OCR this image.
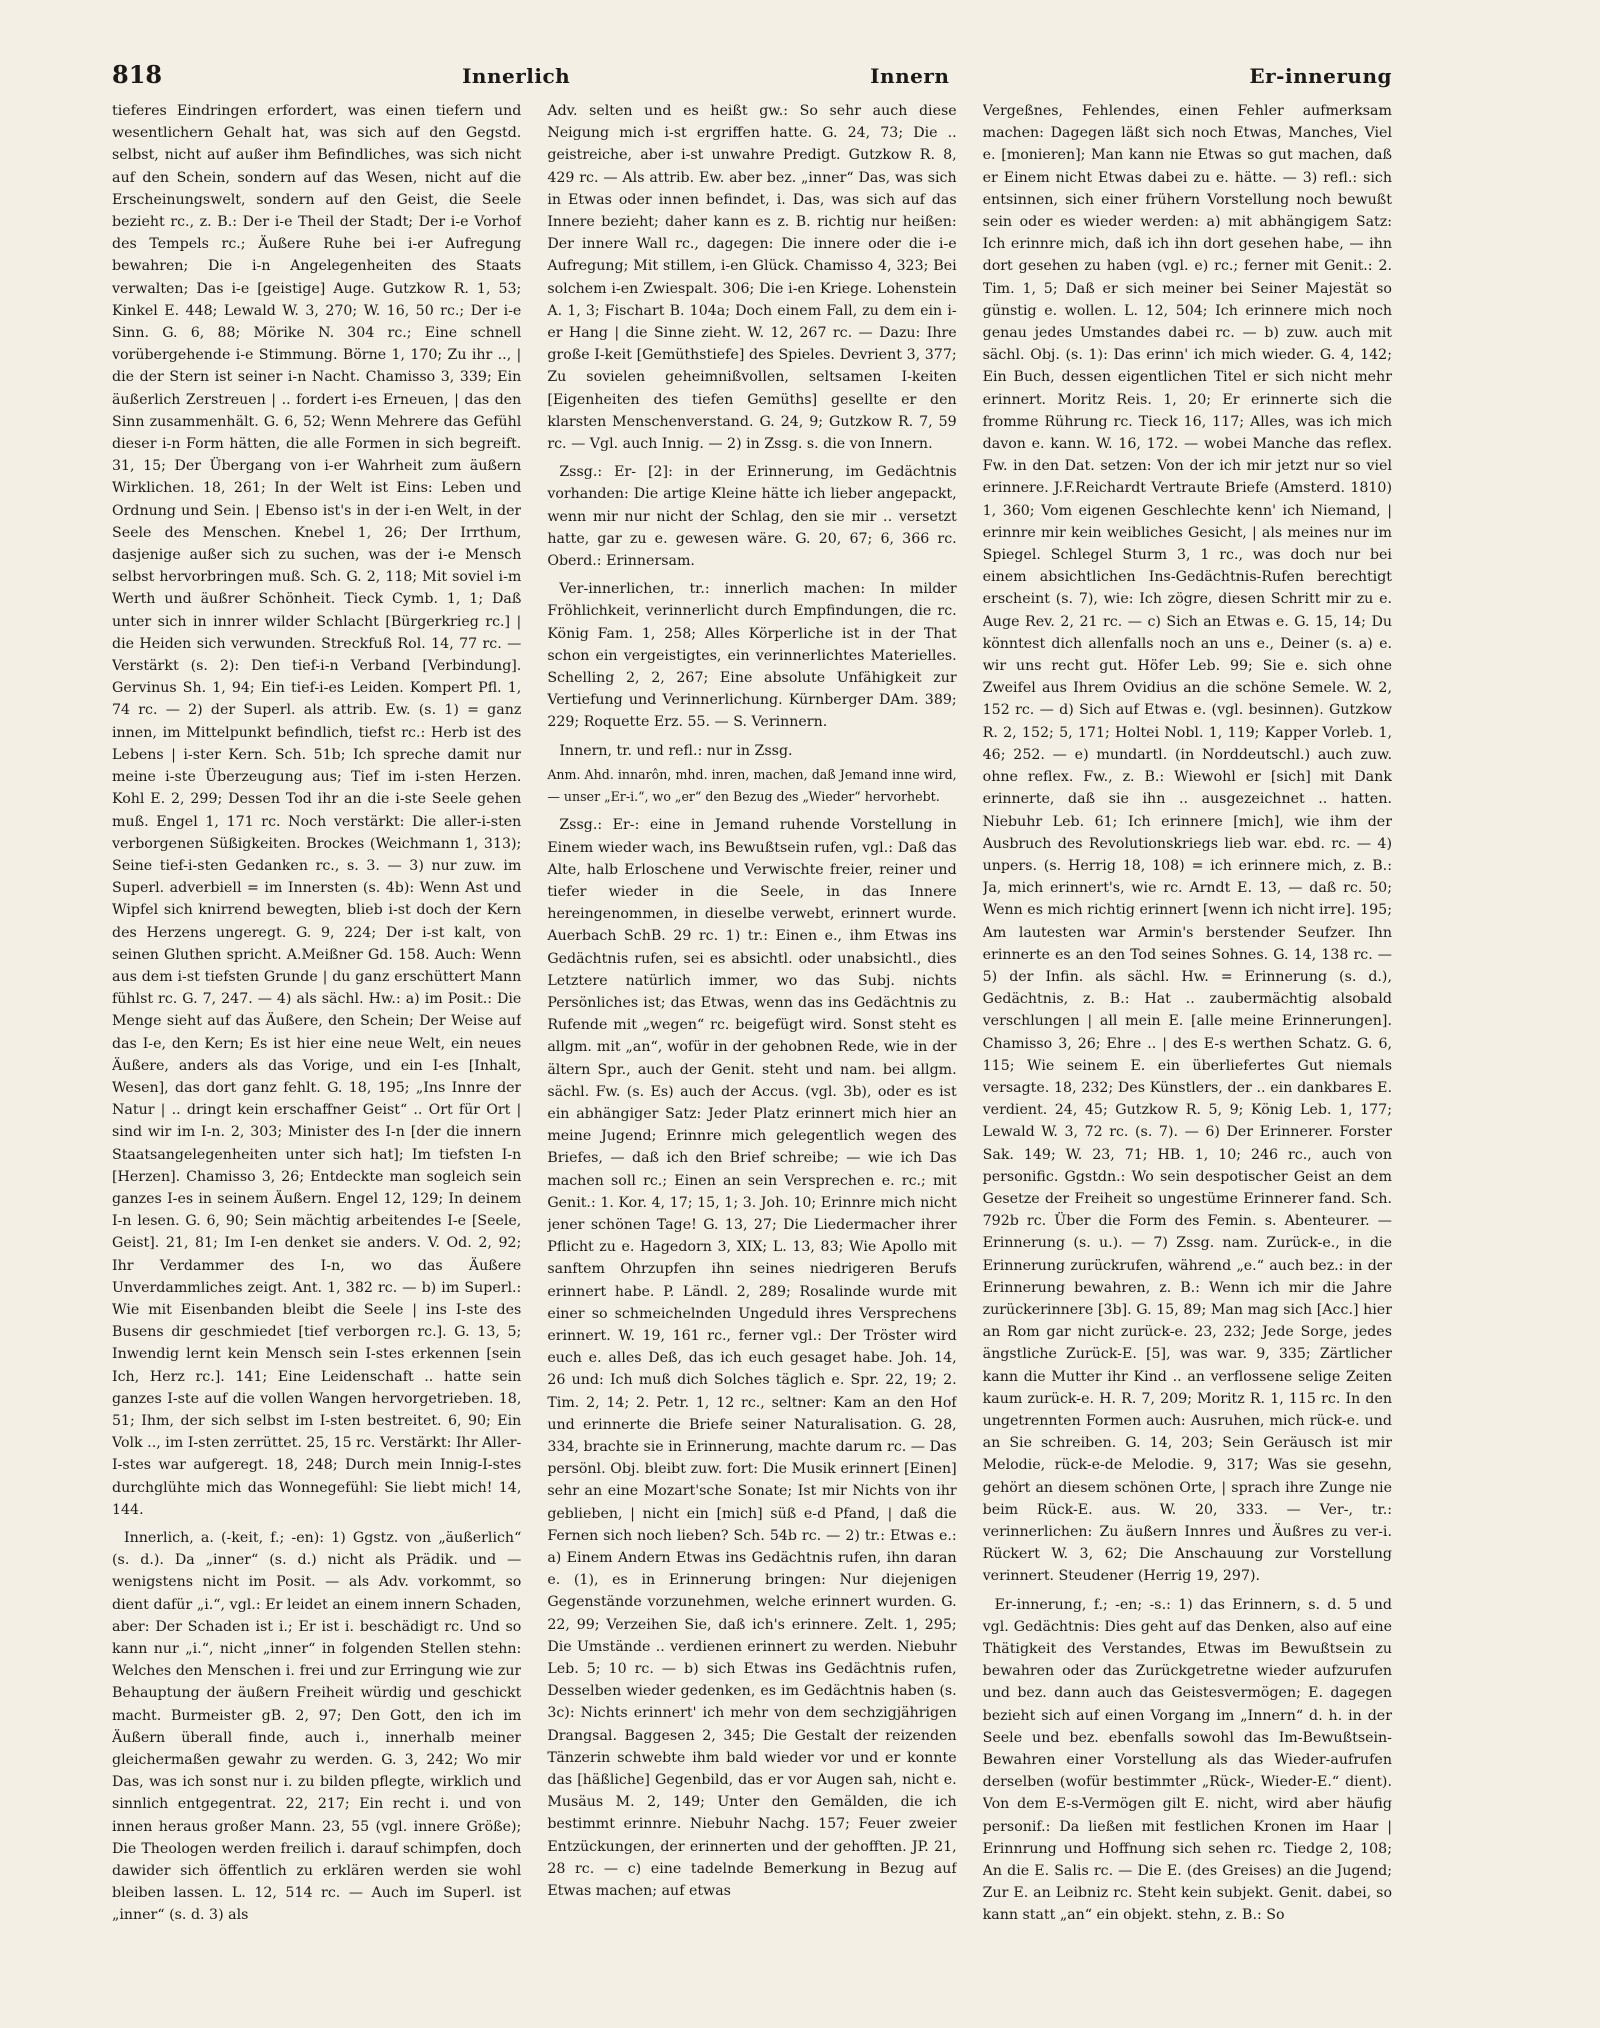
818	Innerlich	Innern	Er-innerung

tieferes Eindringen erfordert, was einen tiefern und wesentlichern Gehalt hat, was sich auf den Gegstd. selbst, nicht auf außer ihm Befindliches, was sich nicht auf den Schein, sondern auf das Wesen, nicht auf die Erscheinungswelt, sondern auf den Geist, die Seele bezieht rc., z. B.: Der i-e Theil der Stadt; Der i-e Vorhof des Tempels rc.; Äußere Ruhe bei i-er Aufregung bewahren; Die i-n Angelegenheiten des Staats verwalten; Das i-e [geistige] Auge. Gutzkow R. 1, 53; Kinkel E. 448; Lewald W. 3, 270; W. 16, 50 rc.; Der i-e Sinn. G. 6, 88; Mörike N. 304 rc.; Eine schnell vorübergehende i-e Stimmung. Börne 1, 170; Zu ihr .., | die der Stern ist seiner i-n Nacht. Chamisso 3, 339; Ein äußerlich Zerstreuen | .. fordert i-es Erneuen, | das den Sinn zusammenhält. G. 6, 52; Wenn Mehrere das Gefühl dieser i-n Form hätten, die alle Formen in sich begreift. 31, 15; Der Übergang von i-er Wahrheit zum äußern Wirklichen. 18, 261; In der Welt ist Eins: Leben und Ordnung und Sein. | Ebenso ist's in der i-en Welt, in der Seele des Menschen. Knebel 1, 26; Der Irrthum, dasjenige außer sich zu suchen, was der i-e Mensch selbst hervorbringen muß. Sch. G. 2, 118; Mit soviel i-m Werth und äußrer Schönheit. Tieck Cymb. 1, 1; Daß unter sich in innrer wilder Schlacht [Bürgerkrieg rc.] | die Heiden sich verwunden. Streckfuß Rol. 14, 77 rc. — Verstärkt (s. 2): Den tief-i-n Verband [Verbindung]. Gervinus Sh. 1, 94; Ein tief-i-es Leiden. Kompert Pfl. 1, 74 rc. — 2) der Superl. als attrib. Ew. (s. 1) = ganz innen, im Mittelpunkt befindlich, tiefst rc.: Herb ist des Lebens | i-ster Kern. Sch. 51b; Ich spreche damit nur meine i-ste Überzeugung aus; Tief im i-sten Herzen. Kohl E. 2, 299; Dessen Tod ihr an die i-ste Seele gehen muß. Engel 1, 171 rc. Noch verstärkt: Die aller-i-sten verborgenen Süßigkeiten. Brockes (Weichmann 1, 313); Seine tief-i-sten Gedanken rc., s. 3. — 3) nur zuw. im Superl. adverbiell = im Innersten (s. 4b): Wenn Ast und Wipfel sich knirrend bewegten, blieb i-st doch der Kern des Herzens ungeregt. G. 9, 224; Der i-st kalt, von seinen Gluthen spricht. A.Meißner Gd. 158. Auch: Wenn aus dem i-st tiefsten Grunde | du ganz erschüttert Mann fühlst rc. G. 7, 247. — 4) als sächl. Hw.: a) im Posit.: Die Menge sieht auf das Äußere, den Schein; Der Weise auf das I-e, den Kern; Es ist hier eine neue Welt, ein neues Äußere, anders als das Vorige, und ein I-es [Inhalt, Wesen], das dort ganz fehlt. G. 18, 195; „Ins Innre der Natur | .. dringt kein erschaffner Geist“ .. Ort für Ort | sind wir im I-n. 2, 303; Minister des I-n [der die innern Staatsangelegenheiten unter sich hat]; Im tiefsten I-n [Herzen]. Chamisso 3, 26; Entdeckte man sogleich sein ganzes I-es in seinem Äußern. Engel 12, 129; In deinem I-n lesen. G. 6, 90; Sein mächtig arbeitendes I-e [Seele, Geist]. 21, 81; Im I-en denket sie anders. V. Od. 2, 92; Ihr Verdammer des I-n, wo das Äußere Unverdammliches zeigt. Ant. 1, 382 rc. — b) im Superl.: Wie mit Eisenbanden bleibt die Seele | ins I-ste des Busens dir geschmiedet [tief verborgen rc.]. G. 13, 5; Inwendig lernt kein Mensch sein I-stes erkennen [sein Ich, Herz rc.]. 141; Eine Leidenschaft .. hatte sein ganzes I-ste auf die vollen Wangen hervorgetrieben. 18, 51; Ihm, der sich selbst im I-sten bestreitet. 6, 90; Ein Volk .., im I-sten zerrüttet. 25, 15 rc. Verstärkt: Ihr Aller-I-stes war aufgeregt. 18, 248; Durch mein Innig-I-stes durchglühte mich das Wonnegefühl: Sie liebt mich! 14, 144.

Innerlich, a. (-keit, f.; -en): 1) Ggstz. von „äußerlich“ (s. d.). Da „inner“ (s. d.) nicht als Prädik. und — wenigstens nicht im Posit. — als Adv. vorkommt, so dient dafür „i.“, vgl.: Er leidet an einem innern Schaden, aber: Der Schaden ist i.; Er ist i. beschädigt rc. Und so kann nur „i.“, nicht „inner“ in folgenden Stellen stehn: Welches den Menschen i. frei und zur Erringung wie zur Behauptung der äußern Freiheit würdig und geschickt macht. Burmeister gB. 2, 97; Den Gott, den ich im Äußern überall finde, auch i., innerhalb meiner gleichermaßen gewahr zu werden. G. 3, 242; Wo mir Das, was ich sonst nur i. zu bilden pflegte, wirklich und sinnlich entgegentrat. 22, 217; Ein recht i. und von innen heraus großer Mann. 23, 55 (vgl. innere Größe); Die Theologen werden freilich i. darauf schimpfen, doch dawider sich öffentlich zu erklären werden sie wohl bleiben lassen. L. 12, 514 rc. — Auch im Superl. ist „inner“ (s. d. 3) als

Adv. selten und es heißt gw.: So sehr auch diese Neigung mich i-st ergriffen hatte. G. 24, 73; Die .. geistreiche, aber i-st unwahre Predigt. Gutzkow R. 8, 429 rc. — Als attrib. Ew. aber bez. „inner“ Das, was sich in Etwas oder innen befindet, i. Das, was sich auf das Innere bezieht; daher kann es z. B. richtig nur heißen: Der innere Wall rc., dagegen: Die innere oder die i-e Aufregung; Mit stillem, i-en Glück. Chamisso 4, 323; Bei solchem i-en Zwiespalt. 306; Die i-en Kriege. Lohenstein A. 1, 3; Fischart B. 104a; Doch einem Fall, zu dem ein i-er Hang | die Sinne zieht. W. 12, 267 rc. — Dazu: Ihre große I-keit [Gemüthstiefe] des Spieles. Devrient 3, 377; Zu sovielen geheimnißvollen, seltsamen I-keiten [Eigenheiten des tiefen Gemüths] gesellte er den klarsten Menschenverstand. G. 24, 9; Gutzkow R. 7, 59 rc. — Vgl. auch Innig. — 2) in Zssg. s. die von Innern.

Zssg.: Er- [2]: in der Erinnerung, im Gedächtnis vorhanden: Die artige Kleine hätte ich lieber angepackt, wenn mir nur nicht der Schlag, den sie mir .. versetzt hatte, gar zu e. gewesen wäre. G. 20, 67; 6, 366 rc. Oberd.: Erinnersam.

Ver-innerlichen, tr.: innerlich machen: In milder Fröhlichkeit, verinnerlicht durch Empfindungen, die rc. König Fam. 1, 258; Alles Körperliche ist in der That schon ein vergeistigtes, ein verinnerlichtes Materielles. Schelling 2, 2, 267; Eine absolute Unfähigkeit zur Vertiefung und Verinnerlichung. Kürnberger DAm. 389; 229; Roquette Erz. 55. — S. Verinnern.

Innern, tr. und refl.: nur in Zssg.

Anm. Ahd. innarôn, mhd. inren, machen, daß Jemand inne wird, — unser „Er-i.“, wo „er“ den Bezug des „Wieder“ hervorhebt.

Zssg.: Er-: eine in Jemand ruhende Vorstellung in Einem wieder wach, ins Bewußtsein rufen, vgl.: Daß das Alte, halb Erloschene und Verwischte freier, reiner und tiefer wieder in die Seele, in das Innere hereingenommen, in dieselbe verwebt, erinnert wurde. Auerbach SchB. 29 rc. 1) tr.: Einen e., ihm Etwas ins Gedächtnis rufen, sei es absichtl. oder unabsichtl., dies Letztere natürlich immer, wo das Subj. nichts Persönliches ist; das Etwas, wenn das ins Gedächtnis zu Rufende mit „wegen“ rc. beigefügt wird. Sonst steht es allgm. mit „an“, wofür in der gehobnen Rede, wie in der ältern Spr., auch der Genit. steht und nam. bei allgm. sächl. Fw. (s. Es) auch der Accus. (vgl. 3b), oder es ist ein abhängiger Satz: Jeder Platz erinnert mich hier an meine Jugend; Erinnre mich gelegentlich wegen des Briefes, — daß ich den Brief schreibe; — wie ich Das machen soll rc.; Einen an sein Versprechen e. rc.; mit Genit.: 1. Kor. 4, 17; 15, 1; 3. Joh. 10; Erinnre mich nicht jener schönen Tage! G. 13, 27; Die Liedermacher ihrer Pflicht zu e. Hagedorn 3, XIX; L. 13, 83; Wie Apollo mit sanftem Ohrzupfen ihn seines niedrigeren Berufs erinnert habe. P. Ländl. 2, 289; Rosalinde wurde mit einer so schmeichelnden Ungeduld ihres Versprechens erinnert. W. 19, 161 rc., ferner vgl.: Der Tröster wird euch e. alles Deß, das ich euch gesaget habe. Joh. 14, 26 und: Ich muß dich Solches täglich e. Spr. 22, 19; 2. Tim. 2, 14; 2. Petr. 1, 12 rc., seltner: Kam an den Hof und erinnerte die Briefe seiner Naturalisation. G. 28, 334, brachte sie in Erinnerung, machte darum rc. — Das persönl. Obj. bleibt zuw. fort: Die Musik erinnert [Einen] sehr an eine Mozart'sche Sonate; Ist mir Nichts von ihr geblieben, | nicht ein [mich] süß e-d Pfand, | daß die Fernen sich noch lieben? Sch. 54b rc. — 2) tr.: Etwas e.: a) Einem Andern Etwas ins Gedächtnis rufen, ihn daran e. (1), es in Erinnerung bringen: Nur diejenigen Gegenstände vorzunehmen, welche erinnert wurden. G. 22, 99; Verzeihen Sie, daß ich's erinnere. Zelt. 1, 295; Die Umstände .. verdienen erinnert zu werden. Niebuhr Leb. 5; 10 rc. — b) sich Etwas ins Gedächtnis rufen, Desselben wieder gedenken, es im Gedächtnis haben (s. 3c): Nichts erinnert' ich mehr von dem sechzigjährigen Drangsal. Baggesen 2, 345; Die Gestalt der reizenden Tänzerin schwebte ihm bald wieder vor und er konnte das [häßliche] Gegenbild, das er vor Augen sah, nicht e. Musäus M. 2, 149; Unter den Gemälden, die ich bestimmt erinnre. Niebuhr Nachg. 157; Feuer zweier Entzückungen, der erinnerten und der gehofften. JP. 21, 28 rc. — c) eine tadelnde Bemerkung in Bezug auf Etwas machen; auf etwas

Vergeßnes, Fehlendes, einen Fehler aufmerksam machen: Dagegen läßt sich noch Etwas, Manches, Viel e. [monieren]; Man kann nie Etwas so gut machen, daß er Einem nicht Etwas dabei zu e. hätte. — 3) refl.: sich entsinnen, sich einer frühern Vorstellung noch bewußt sein oder es wieder werden: a) mit abhängigem Satz: Ich erinnre mich, daß ich ihn dort gesehen habe, — ihn dort gesehen zu haben (vgl. e) rc.; ferner mit Genit.: 2. Tim. 1, 5; Daß er sich meiner bei Seiner Majestät so günstig e. wollen. L. 12, 504; Ich erinnere mich noch genau jedes Umstandes dabei rc. — b) zuw. auch mit sächl. Obj. (s. 1): Das erinn' ich mich wieder. G. 4, 142; Ein Buch, dessen eigentlichen Titel er sich nicht mehr erinnert. Moritz Reis. 1, 20; Er erinnerte sich die fromme Rührung rc. Tieck 16, 117; Alles, was ich mich davon e. kann. W. 16, 172. — wobei Manche das reflex. Fw. in den Dat. setzen: Von der ich mir jetzt nur so viel erinnere. J.F.Reichardt Vertraute Briefe (Amsterd. 1810) 1, 360; Vom eigenen Geschlechte kenn' ich Niemand, | erinnre mir kein weibliches Gesicht, | als meines nur im Spiegel. Schlegel Sturm 3, 1 rc., was doch nur bei einem absichtlichen Ins-Gedächtnis-Rufen berechtigt erscheint (s. 7), wie: Ich zögre, diesen Schritt mir zu e. Auge Rev. 2, 21 rc. — c) Sich an Etwas e. G. 15, 14; Du könntest dich allenfalls noch an uns e., Deiner (s. a) e. wir uns recht gut. Höfer Leb. 99; Sie e. sich ohne Zweifel aus Ihrem Ovidius an die schöne Semele. W. 2, 152 rc. — d) Sich auf Etwas e. (vgl. besinnen). Gutzkow R. 2, 152; 5, 171; Holtei Nobl. 1, 119; Kapper Vorleb. 1, 46; 252. — e) mundartl. (in Norddeutschl.) auch zuw. ohne reflex. Fw., z. B.: Wiewohl er [sich] mit Dank erinnerte, daß sie ihn .. ausgezeichnet .. hatten. Niebuhr Leb. 61; Ich erinnere [mich], wie ihm der Ausbruch des Revolutionskriegs lieb war. ebd. rc. — 4) unpers. (s. Herrig 18, 108) = ich erinnere mich, z. B.: Ja, mich erinnert's, wie rc. Arndt E. 13, — daß rc. 50; Wenn es mich richtig erinnert [wenn ich nicht irre]. 195; Am lautesten war Armin's berstender Seufzer. Ihn erinnerte es an den Tod seines Sohnes. G. 14, 138 rc. — 5) der Infin. als sächl. Hw. = Erinnerung (s. d.), Gedächtnis, z. B.: Hat .. zaubermächtig alsobald verschlungen | all mein E. [alle meine Erinnerungen]. Chamisso 3, 26; Ehre .. | des E-s werthen Schatz. G. 6, 115; Wie seinem E. ein überliefertes Gut niemals versagte. 18, 232; Des Künstlers, der .. ein dankbares E. verdient. 24, 45; Gutzkow R. 5, 9; König Leb. 1, 177; Lewald W. 3, 72 rc. (s. 7). — 6) Der Erinnerer. Forster Sak. 149; W. 23, 71; HB. 1, 10; 246 rc., auch von personific. Ggstdn.: Wo sein despotischer Geist an dem Gesetze der Freiheit so ungestüme Erinnerer fand. Sch. 792b rc. Über die Form des Femin. s. Abenteurer. — Erinnerung (s. u.). — 7) Zssg. nam. Zurück-e., in die Erinnerung zurückrufen, während „e.“ auch bez.: in der Erinnerung bewahren, z. B.: Wenn ich mir die Jahre zurückerinnere [3b]. G. 15, 89; Man mag sich [Acc.] hier an Rom gar nicht zurück-e. 23, 232; Jede Sorge, jedes ängstliche Zurück-E. [5], was war. 9, 335; Zärtlicher kann die Mutter ihr Kind .. an verflossene selige Zeiten kaum zurück-e. H. R. 7, 209; Moritz R. 1, 115 rc. In den ungetrennten Formen auch: Ausruhen, mich rück-e. und an Sie schreiben. G. 14, 203; Sein Geräusch ist mir Melodie, rück-e-de Melodie. 9, 317; Was sie gesehn, gehört an diesem schönen Orte, | sprach ihre Zunge nie beim Rück-E. aus. W. 20, 333. — Ver-, tr.: verinnerlichen: Zu äußern Innres und Äußres zu ver-i. Rückert W. 3, 62; Die Anschauung zur Vorstellung verinnert. Steudener (Herrig 19, 297).

Er-innerung, f.; -en; -s.: 1) das Erinnern, s. d. 5 und vgl. Gedächtnis: Dies geht auf das Denken, also auf eine Thätigkeit des Verstandes, Etwas im Bewußtsein zu bewahren oder das Zurückgetretne wieder aufzurufen und bez. dann auch das Geistesvermögen; E. dagegen bezieht sich auf einen Vorgang im „Innern“ d. h. in der Seele und bez. ebenfalls sowohl das Im-Bewußtsein-Bewahren einer Vorstellung als das Wieder-aufrufen derselben (wofür bestimmter „Rück-, Wieder-E.“ dient). Von dem E-s-Vermögen gilt E. nicht, wird aber häufig personif.: Da ließen mit festlichen Kronen im Haar | Erinnrung und Hoffnung sich sehen rc. Tiedge 2, 108; An die E. Salis rc. — Die E. (des Greises) an die Jugend; Zur E. an Leibniz rc. Steht kein subjekt. Genit. dabei, so kann statt „an“ ein objekt. stehn, z. B.: So
